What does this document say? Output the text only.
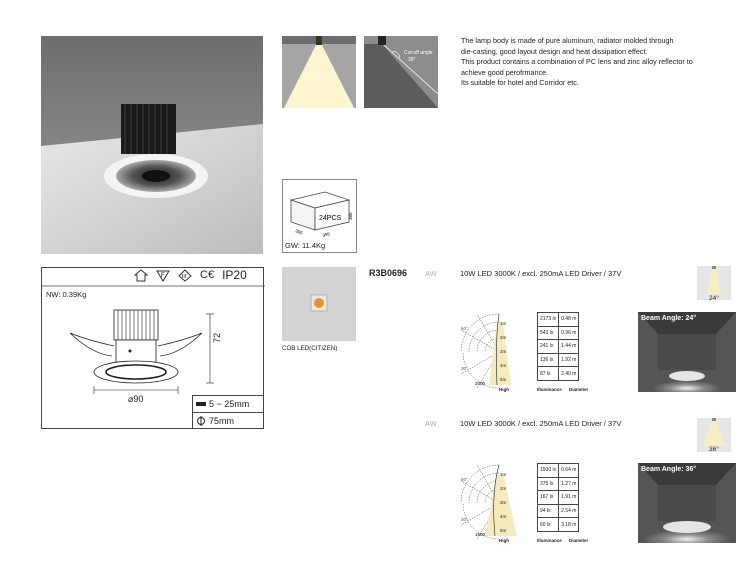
Cut-off angle
35°
The lamp body is made of pure aluminum, radiator molded through
die-casting, good layout design and heat dissipation effect.
This product contains a combination of PC lens and zinc alloy reflector to
achieve good perofrmance.
Its suitable for hotel and Corridor etc.
24PCS
395	395
380
GW: 11.4Kg
F	III C€ IP20
NW: 0.39Kg
72
⌀90	5 ~ 25mm
75mm
COB LED(CITIZEN)
R3B0696 AW	10W LED 3000K / excl. 250mA LED Driver / 37V
24°
Beam Angle: 24°
60°
30°
2000
1m
2m
3m
4m
5m
2173 lx	0.48 m
543 lx	0.96 m
241 lx	1.44 m
136 lx	1.92 m
87 lx	2.40 m
High	Illuminance Diameter
AW	10W LED 3000K / excl. 250mA LED Driver / 37V
36°
Beam Angle: 36°
60°
30°
1500
1m
2m
3m
4m
5m
1500 lx	0.64 m
375 lx	1.27 m
167 lx	1.91 m
94 lx	2.54 m
60 lx	3.18 m
High	Illuminance Diameter
